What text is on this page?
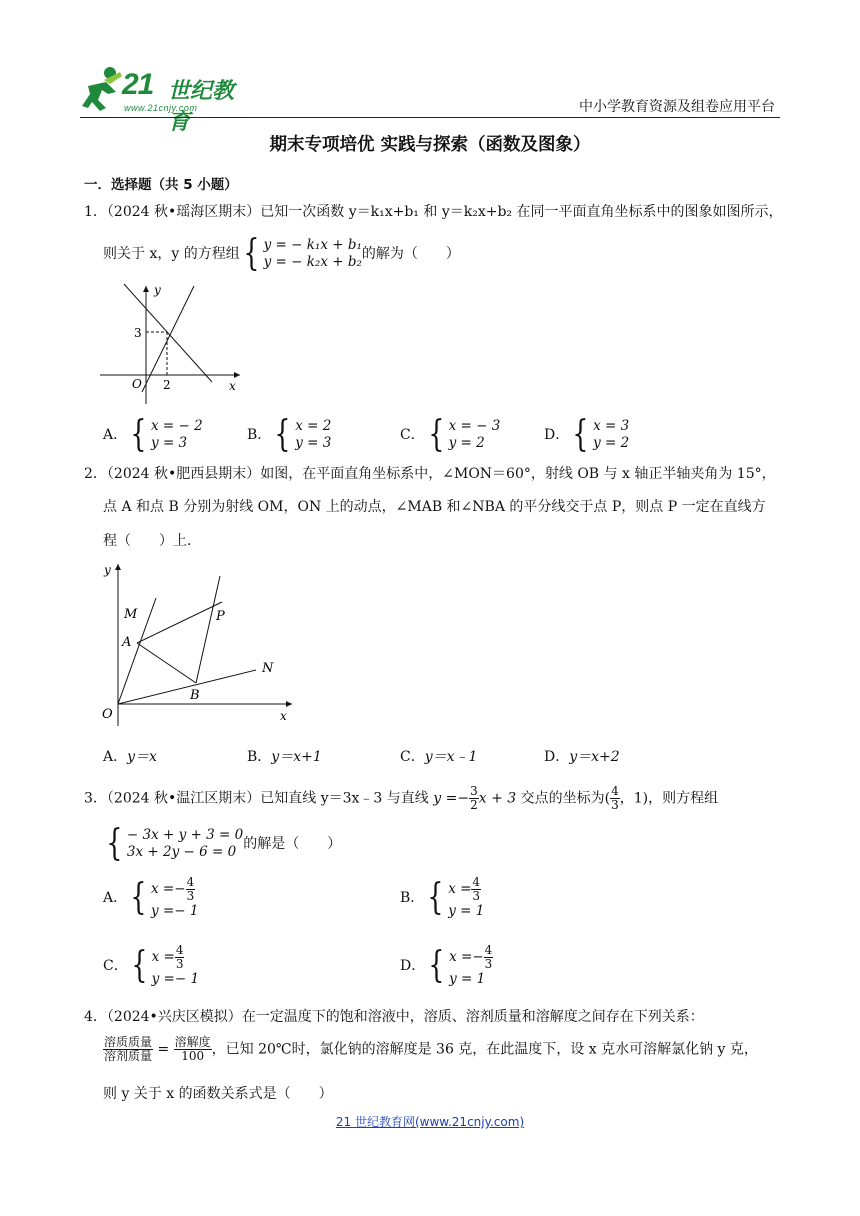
21 世纪教育
www.21cnjy.com	中小学教育资源及组卷应用平台
期末专项培优 实践与探索（函数及图象）
一．选择题（共 5 小题）
1．（2024 秋•瑶海区期末）已知一次函数 y＝k₁x+b₁ 和 y＝k₂x+b₂ 在同一平面直角坐标系中的图象如图所示，
则关于 x，y 的方程组 { y = − k₁x + b₁
y = − k₂x + b₂ 的解为（　　）
y
x
O
3
2
A． { x = − 2
y = 3	B． { x = 2
y = 3	C． { x = − 3
y = 2	D． { x = 3
y = 2
2．（2024 秋•肥西县期末）如图，在平面直角坐标系中，∠MON＝60°，射线 OB 与 x 轴正半轴夹角为 15°，
点 A 和点 B 分别为射线 OM，ON 上的动点，∠MAB 和∠NBA 的平分线交于点 P，则点 P 一定在直线方
程（　　）上．
y
x
O
M
A
P
N
B
A．y＝x	B．y＝x+1	C．y＝x﹣1	D．y＝x+2
3．（2024 秋•温江区期末）已知直线 y＝3x﹣3 与直线 $y =- \frac{3}{2}$ x + 3 交点的坐标为( $\frac{4}{3}$ ，1)，则方程组
{ − 3x + y + 3 = 0
3x + 2y − 6 = 0 的解是（　　）
A． { $x =- \frac{4}{3}$
y =− 1
B． { $x = \frac{4}{3}$
y = 1
C． { $x = \frac{4}{3}$
y =− 1
D． { $x =- \frac{4}{3}$
y = 1
4．（2024•兴庆区模拟）在一定温度下的饱和溶液中，溶质、溶剂质量和溶解度之间存在下列关系：
$\frac{\text{溶质质量}}{\text{溶剂质量}} = \frac{\text{溶解度}}{100}$ ，已知 20℃时，氯化钠的溶解度是 36 克，在此温度下，设 x 克水可溶解氯化钠 y 克，
则 y 关于 x 的函数关系式是（　　）
21 世纪教育网(www.21cnjy.com)
